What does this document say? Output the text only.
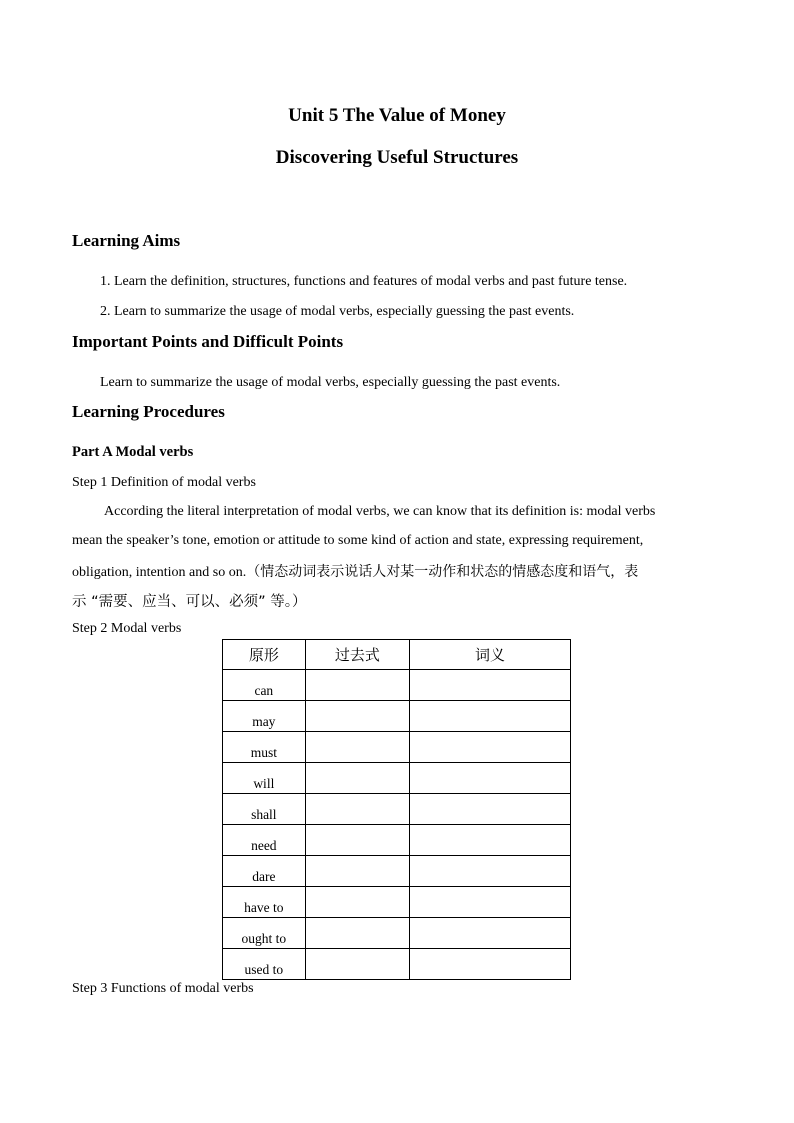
Unit 5 The Value of Money
Discovering Useful Structures
Learning Aims
1. Learn the definition, structures, functions and features of modal verbs and past future tense.
2. Learn to summarize the usage of modal verbs, especially guessing the past events.
Important Points and Difficult Points
Learn to summarize the usage of modal verbs, especially guessing the past events.
Learning Procedures
Part A Modal verbs
Step 1 Definition of modal verbs
According the literal interpretation of modal verbs, we can know that its definition is: modal verbs
mean the speaker’s tone, emotion or attitude to some kind of action and state, expressing requirement,
obligation, intention and so on.（情态动词表示说话人对某一动作和状态的情感态度和语气，表
示 “需要、应当、可以、必须” 等。）
Step 2 Modal verbs
原形	过去式	词义
can		
may		
must		
will		
shall		
need		
dare		
have to		
ought to		
used to		
Step 3 Functions of modal verbs
